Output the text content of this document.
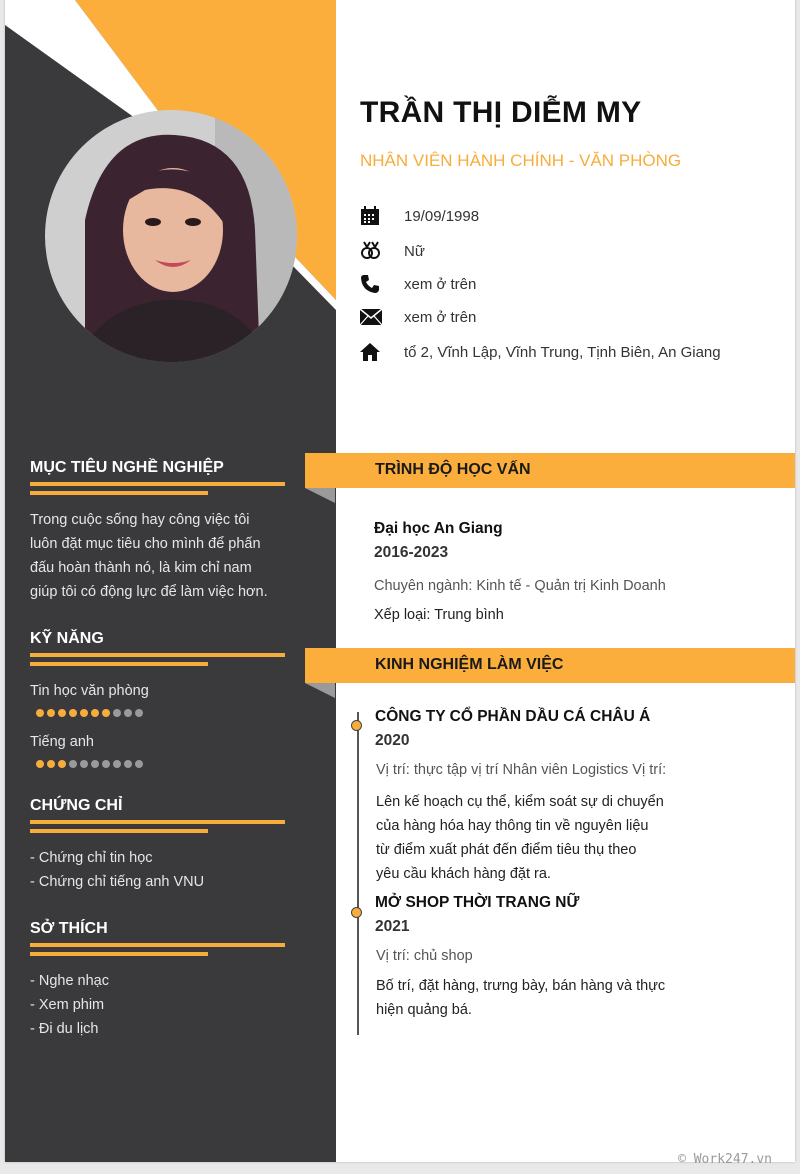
TRẦN THỊ DIỄM MY
NHÂN VIÊN HÀNH CHÍNH - VĂN PHÒNG
19/09/1998
Nữ
xem ở trên
xem ở trên
tổ 2, Vĩnh Lập, Vĩnh Trung, Tịnh Biên, An Giang
MỤC TIÊU NGHỀ NGHIỆP
Trong cuộc sống hay công việc tôi
luôn đặt mục tiêu cho mình để phấn
đấu hoàn thành nó, là kim chỉ nam
giúp tôi có động lực để làm việc hơn.
KỸ NĂNG
Tin học văn phòng
Tiếng anh
CHỨNG CHỈ
- Chứng chỉ tin học
- Chứng chỉ tiếng anh VNU
SỞ THÍCH
- Nghe nhạc
- Xem phim
- Đi du lịch
TRÌNH ĐỘ HỌC VẤN
Đại học An Giang
2016-2023
Chuyên ngành: Kinh tế - Quản trị Kinh Doanh
Xếp loại: Trung bình
KINH NGHIỆM LÀM VIỆC
CÔNG TY CỔ PHẦN DẦU CÁ CHÂU Á
2020
Vị trí: thực tập vị trí Nhân viên Logistics Vị trí:
Lên kế hoạch cụ thể, kiểm soát sự di chuyển
của hàng hóa hay thông tin về nguyên liệu
từ điểm xuất phát đến điểm tiêu thụ theo
yêu cầu khách hàng đặt ra.
MỞ SHOP THỜI TRANG NỮ
2021
Vị trí: chủ shop
Bố trí, đặt hàng, trưng bày, bán hàng và thực
hiện quảng bá.
© Work247.vn
